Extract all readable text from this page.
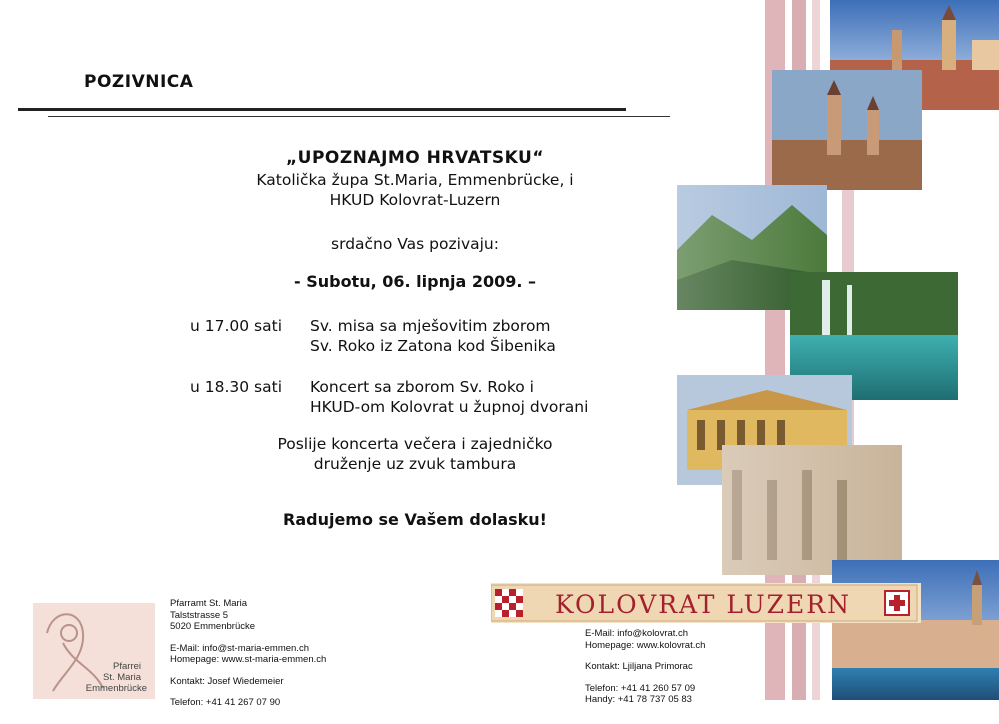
POZIVNICA
„UPOZNAJMO HRVATSKU“
Katolička župa St.Maria, Emmenbrücke, i
HKUD Kolovrat-Luzern
srdačno Vas pozivaju:
- Subotu, 06. lipnja 2009. –
u 17.00 sati	Sv. misa sa mješovitim zborom
Sv. Roko iz Zatona kod Šibenika
u 18.30 sati	Koncert sa zborom Sv. Roko i
HKUD-om Kolovrat u župnoj dvorani
Poslije koncerta večera i zajedničko
druženje uz zvuk tambura
Radujemo se Vašem dolasku!
KOLOVRAT LUZERN
Pfarrei
St. Maria
Emmenbrücke
Pfarramt St. Maria
Talststrasse 5
5020 Emmenbrücke
E-Mail: info@st-maria-emmen.ch
Homepage: www.st-maria-emmen.ch
Kontakt: Josef Wiedemeier
Telefon: +41 41 267 07 90
E-Mail: info@kolovrat.ch
Homepage: www.kolovrat.ch
Kontakt: Ljiljana Primorac
Telefon: +41 41 260 57 09
Handy: +41 78 737 05 83
